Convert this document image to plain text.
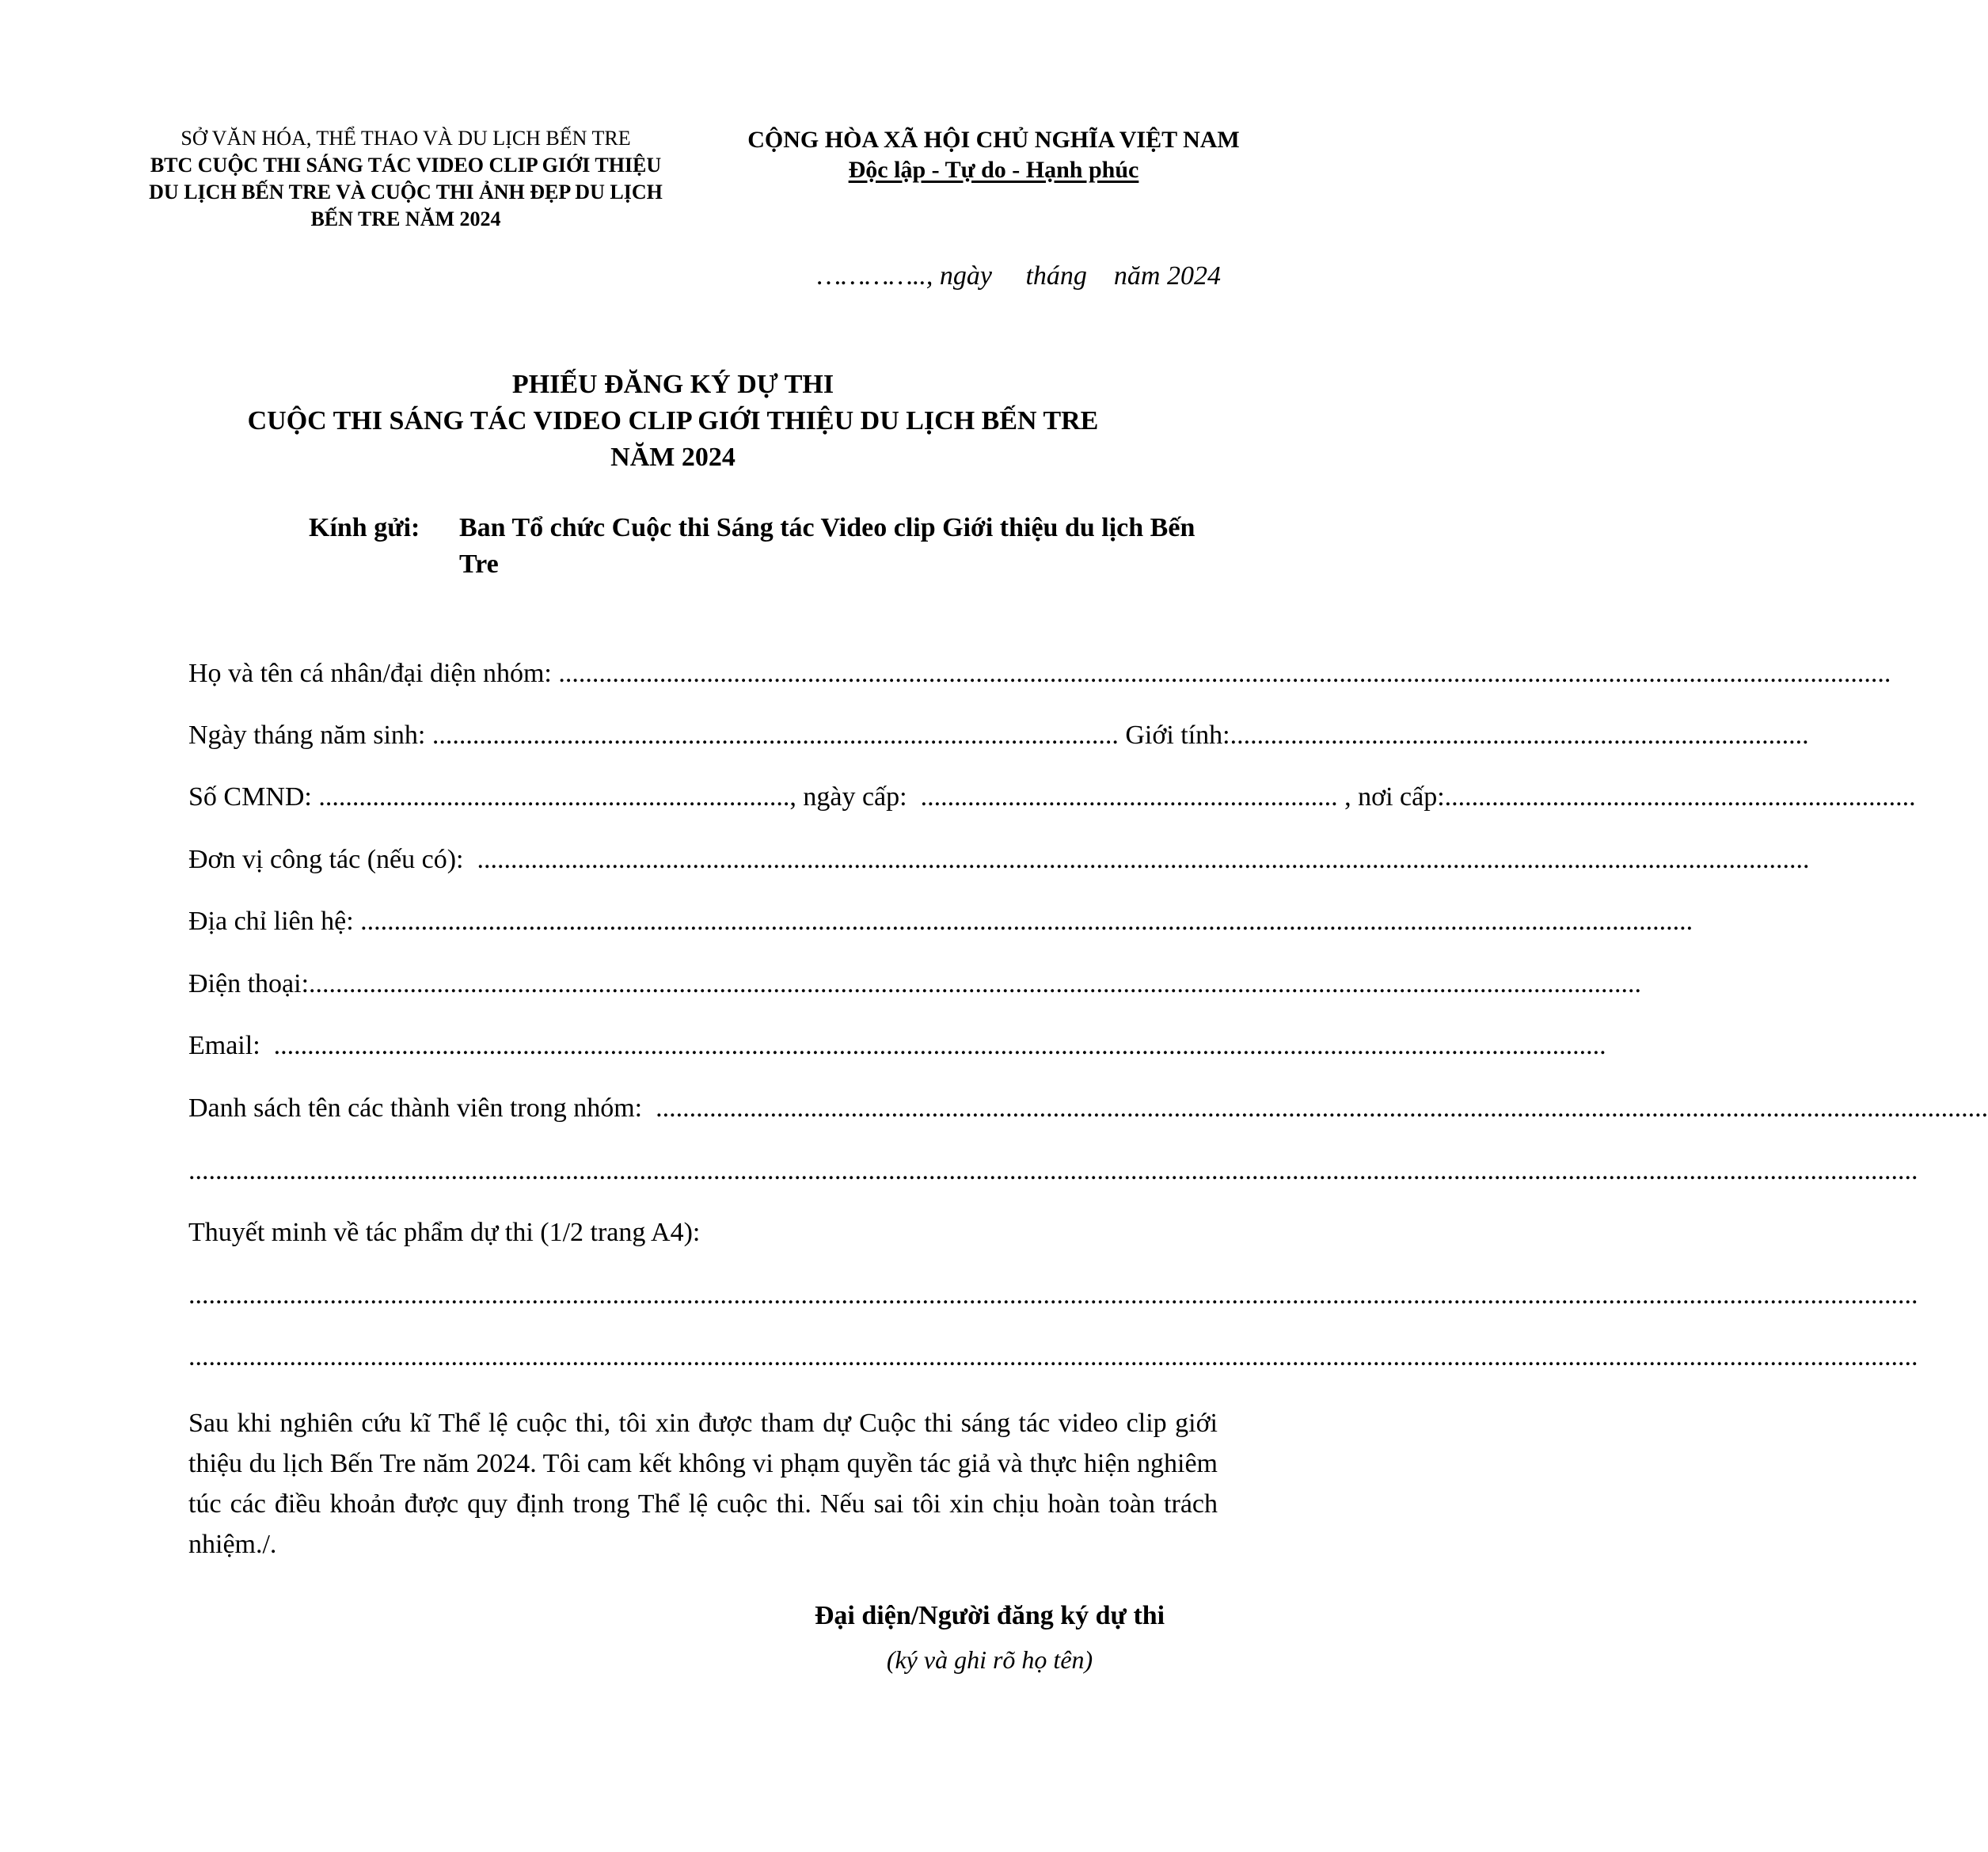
SỞ VĂN HÓA, THỂ THAO VÀ DU LỊCH BẾN TRE
BTC CUỘC THI SÁNG TÁC VIDEO CLIP GIỚI THIỆU
DU LỊCH BẾN TRE VÀ CUỘC THI ẢNH ĐẸP DU LỊCH
BẾN TRE NĂM 2024
CỘNG HÒA XÃ HỘI CHỦ NGHĨA VIỆT NAM
Độc lập - Tự do - Hạnh phúc
………….., ngày     tháng    năm 2024
PHIẾU ĐĂNG KÝ DỰ THI
CUỘC THI SÁNG TÁC VIDEO CLIP GIỚI THIỆU DU LỊCH BẾN TRE
NĂM 2024
Kính gửi: Ban Tổ chức Cuộc thi Sáng tác Video clip Giới thiệu du lịch Bến Tre
Họ và tên cá nhân/đại diện nhóm: ......................................................................................................................................................................................................
Ngày tháng năm sinh: ...................................................................................................... Giới tính: ......................................................................................
Số CMND: ...................................................................... , ngày cấp: .............................................................. , nơi cấp: ......................................................................
Đơn vị công tác (nếu có): ......................................................................................................................................................................................................
Địa chỉ liên hệ: ......................................................................................................................................................................................................
Điện thoại: ......................................................................................................................................................................................................
Email: ......................................................................................................................................................................................................
Danh sách tên các thành viên trong nhóm: ......................................................................................................................................................................................................
.................................................................................................................................................................................................................................................................
Thuyết minh về tác phẩm dự thi (1/2 trang A4):
.................................................................................................................................................................................................................................................................
.................................................................................................................................................................................................................................................................
Sau khi nghiên cứu kĩ Thể lệ cuộc thi, tôi xin được tham dự Cuộc thi sáng tác video clip giới thiệu du lịch Bến Tre năm 2024. Tôi cam kết không vi phạm quyền tác giả và thực hiện nghiêm túc các điều khoản được quy định trong Thể lệ cuộc thi. Nếu sai tôi xin chịu hoàn toàn trách nhiệm./.
Đại diện/Người đăng ký dự thi
(ký và ghi rõ họ tên)
